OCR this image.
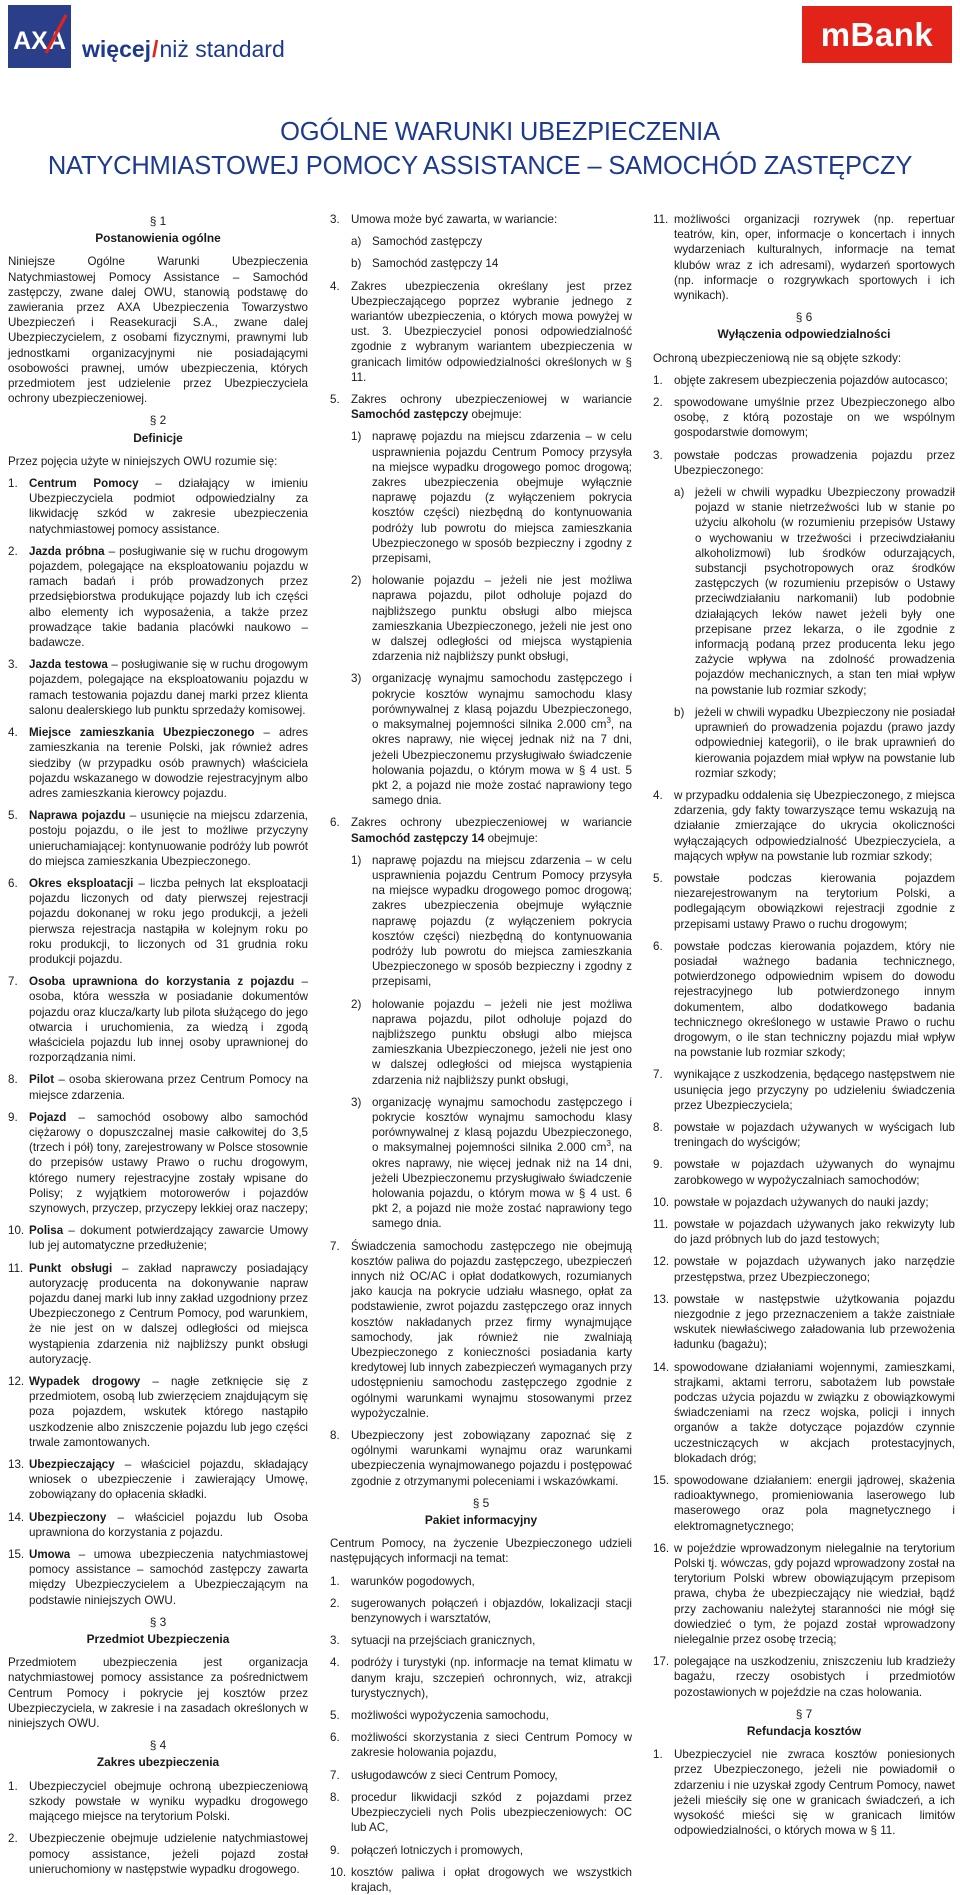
AXA więcej/niż standard	mBank
OGÓLNE WARUNKI UBEZPIECZENIA
NATYCHMIASTOWEJ POMOCY ASSISTANCE – SAMOCHÓD ZASTĘPCZY
§ 1
Postanowienia ogólne

Niniejsze Ogólne Warunki Ubezpieczenia Natychmiastowej Pomocy Assistance – Samochód zastępczy, zwane dalej OWU, stanowią podstawę do zawierania przez AXA Ubezpieczenia Towarzystwo Ubezpieczeń i Reasekuracji S.A., zwane dalej Ubezpieczycielem, z osobami fizycznymi, prawnymi lub jednostkami organizacyjnymi nie posiadającymi osobowości prawnej, umów ubezpieczenia, których przedmiotem jest udzielenie przez Ubezpieczyciela ochrony ubezpieczeniowej.

§ 2
Definicje

Przez pojęcia użyte w niniejszych OWU rozumie się:

1. Centrum Pomocy – działający w imieniu Ubezpieczyciela podmiot odpowiedzialny za likwidację szkód w zakresie ubezpieczenia natychmiastowej pomocy assistance.
2. Jazda próbna – posługiwanie się w ruchu drogowym pojazdem, polegające na eksploatowaniu pojazdu w ramach badań i prób prowadzonych przez przedsiębiorstwa produkujące pojazdy lub ich części albo elementy ich wyposażenia, a także przez prowadzące takie badania placówki naukowo – badawcze.
3. Jazda testowa – posługiwanie się w ruchu drogowym pojazdem, polegające na eksploatowaniu pojazdu w ramach testowania pojazdu danej marki przez klienta salonu dealerskiego lub punktu sprzedaży komisowej.
4. Miejsce zamieszkania Ubezpieczonego – adres zamieszkania na terenie Polski, jak również adres siedziby (w przypadku osób prawnych) właściciela pojazdu wskazanego w dowodzie rejestracyjnym albo adres zamieszkania kierowcy pojazdu.
5. Naprawa pojazdu – usunięcie na miejscu zdarzenia, postoju pojazdu, o ile jest to możliwe przyczyny unieruchamiającej: kontynuowanie podróży lub powrót do miejsca zamieszkania Ubezpieczonego.
6. Okres eksploatacji – liczba pełnych lat eksploatacji pojazdu liczonych od daty pierwszej rejestracji pojazdu dokonanej w roku jego produkcji, a jeżeli pierwsza rejestracja nastąpiła w kolejnym roku po roku produkcji, to liczonych od 31 grudnia roku produkcji pojazdu.
7. Osoba uprawniona do korzystania z pojazdu – osoba, która wesszła w posiadanie dokumentów pojazdu oraz klucza/karty lub pilota służącego do jego otwarcia i uruchomienia, za wiedzą i zgodą właściciela pojazdu lub innej osoby uprawnionej do rozporządzania nimi.
8. Pilot – osoba skierowana przez Centrum Pomocy na miejsce zdarzenia.
9. Pojazd – samochód osobowy albo samochód ciężarowy o dopuszczalnej masie całkowitej do 3,5 (trzech i pół) tony, zarejestrowany w Polsce stosownie do przepisów ustawy Prawo o ruchu drogowym, którego numery rejestracyjne zostały wpisane do Polisy; z wyjątkiem motorowerów i pojazdów szynowych, przyczep, przyczepy lekkiej oraz naczepy;
10. Polisa – dokument potwierdzający zawarcie Umowy lub jej automatyczne przedłużenie;
11. Punkt obsługi – zakład naprawczy posiadający autoryzację producenta na dokonywanie napraw pojazdu danej marki lub inny zakład uzgodniony przez Ubezpieczonego z Centrum Pomocy, pod warunkiem, że nie jest on w dalszej odległości od miejsca wystąpienia zdarzenia niż najbliższy punkt obsługi autoryzację.
12. Wypadek drogowy – nagłe zetknięcie się z przedmiotem, osobą lub zwierzęciem znajdującym się poza pojazdem, wskutek którego nastąpiło uszkodzenie albo zniszczenie pojazdu lub jego części trwale zamontowanych.
13. Ubezpieczający – właściciel pojazdu, składający wniosek o ubezpieczenie i zawierający Umowę, zobowiązany do opłacenia składki.
14. Ubezpieczony – właściciel pojazdu lub Osoba uprawniona do korzystania z pojazdu.
15. Umowa – umowa ubezpieczenia natychmiastowej pomocy assistance – samochód zastępczy zawarta między Ubezpieczycielem a Ubezpieczającym na podstawie niniejszych OWU.
§ 3
Przedmiot Ubezpieczenia

Przedmiotem ubezpieczenia jest organizacja natychmiastowej pomocy assistance za pośrednictwem Centrum Pomocy i pokrycie jej kosztów przez Ubezpieczyciela, w zakresie i na zasadach określonych w niniejszych OWU.

§ 4
Zakres ubezpieczenia
1. Ubezpieczyciel obejmuje ochroną ubezpieczeniową szkody powstałe w wyniku wypadku drogowego mającego miejsce na terytorium Polski.
2. Ubezpieczenie obejmuje udzielenie natychmiastowej pomocy assistance, jeżeli pojazd został unieruchomiony w następstwie wypadku drogowego.
3. Umowa może być zawarta, w wariancie:
a) Samochód zastępczy
b) Samochód zastępczy 14
4. Zakres ubezpieczenia określany jest przez Ubezpieczającego poprzez wybranie jednego z wariantów ubezpieczenia, o których mowa powyżej w ust. 3. Ubezpieczyciel ponosi odpowiedzialność zgodnie z wybranym wariantem ubezpieczenia w granicach limitów odpowiedzialności określonych w § 11.
5. Zakres ochrony ubezpieczeniowej w wariancie Samochód zastępczy obejmuje:
1) naprawę pojazdu na miejscu zdarzenia – w celu usprawnienia pojazdu Centrum Pomocy przysyła na miejsce wypadku drogowego pomoc drogową; zakres ubezpieczenia obejmuje wyłącznie naprawę pojazdu (z wyłączeniem pokrycia kosztów części) niezbędną do kontynuowania podróży lub powrotu do miejsca zamieszkania Ubezpieczonego w sposób bezpieczny i zgodny z przepisami,
2) holowanie pojazdu – jeżeli nie jest możliwa naprawa pojazdu, pilot odholuje pojazd do najbliższego punktu obsługi albo miejsca zamieszkania Ubezpieczonego, jeżeli nie jest ono w dalszej odległości od miejsca wystąpienia zdarzenia niż najbliższy punkt obsługi,
3) organizację wynajmu samochodu zastępczego i pokrycie kosztów wynajmu samochodu klasy porównywalnej z klasą pojazdu Ubezpieczonego, o maksymalnej pojemności silnika 2.000 $cm^3$, na okres naprawy, nie więcej jednak niż na 7 dni, jeżeli Ubezpieczonemu przysługiwało świadczenie holowania pojazdu, o którym mowa w § 4 ust. 5 pkt 2, a pojazd nie może zostać naprawiony tego samego dnia.
6. Zakres ochrony ubezpieczeniowej w wariancie Samochód zastępczy 14 obejmuje:
1) naprawę pojazdu na miejscu zdarzenia – w celu usprawnienia pojazdu Centrum Pomocy przysyła na miejsce wypadku drogowego pomoc drogową; zakres ubezpieczenia obejmuje wyłącznie naprawę pojazdu (z wyłączeniem pokrycia kosztów części) niezbędną do kontynuowania podróży lub powrotu do miejsca zamieszkania Ubezpieczonego w sposób bezpieczny i zgodny z przepisami,
2) holowanie pojazdu – jeżeli nie jest możliwa naprawa pojazdu, pilot odholuje pojazd do najbliższego punktu obsługi albo miejsca zamieszkania Ubezpieczonego, jeżeli nie jest ono w dalszej odległości od miejsca wystąpienia zdarzenia niż najbliższy punkt obsługi,
3) organizację wynajmu samochodu zastępczego i pokrycie kosztów wynajmu samochodu klasy porównywalnej z klasą pojazdu Ubezpieczonego, o maksymalnej pojemności silnika 2.000 $cm^3$, na okres naprawy, nie więcej jednak niż na 14 dni, jeżeli Ubezpieczonemu przysługiwało świadczenie holowania pojazdu, o którym mowa w § 4 ust. 6 pkt 2, a pojazd nie może zostać naprawiony tego samego dnia.
7. Świadczenia samochodu zastępczego nie obejmują kosztów paliwa do pojazdu zastępczego, ubezpieczeń innych niż OC/AC i opłat dodatkowych, rozumianych jako kaucja na pokrycie udziału własnego, opłat za podstawienie, zwrot pojazdu zastępczego oraz innych kosztów nakładanych przez firmy wynajmujące samochody, jak również nie zwalniają Ubezpieczonego z konieczności posiadania karty kredytowej lub innych zabezpieczeń wymaganych przy udostępnieniu samochodu zastępczego zgodnie z ogólnymi warunkami wynajmu stosowanymi przez wypożyczalnie.
8. Ubezpieczony jest zobowiązany zapoznać się z ogólnymi warunkami wynajmu oraz warunkami ubezpieczenia wynajmowanego pojazdu i postępować zgodnie z otrzymanymi poleceniami i wskazówkami.
§ 5
Pakiet informacyjny

Centrum Pomocy, na życzenie Ubezpieczonego udzieli następujących informacji na temat:

1. warunków pogodowych,
2. sugerowanych połączeń i objazdów, lokalizacji stacji benzynowych i warsztatów,
3. sytuacji na przejściach granicznych,
4. podróży i turystyki (np. informacje na temat klimatu w danym kraju, szczepień ochronnych, wiz, atrakcji turystycznych),
5. możliwości wypożyczenia samochodu,
6. możliwości skorzystania z sieci Centrum Pomocy w zakresie holowania pojazdu,
7. usługodawców z sieci Centrum Pomocy,
8. procedur likwidacji szkód z pojazdami przez Ubezpieczycieli nych Polis ubezpieczeniowych: OC lub AC,
9. połączeń lotniczych i promowych,
10. kosztów paliwa i opłat drogowych we wszystkich krajach,
11. możliwości organizacji rozrywek (np. repertuar teatrów, kin, oper, informacje o koncertach i innych wydarzeniach kulturalnych, informacje na temat klubów wraz z ich adresami), wydarzeń sportowych (np. informacje o rozgrywkach sportowych i ich wynikach).
§ 6
Wyłączenia odpowiedzialności

Ochroną ubezpieczeniową nie są objęte szkody:

1. objęte zakresem ubezpieczenia pojazdów autocasco;
2. spowodowane umyślnie przez Ubezpieczonego albo osobę, z którą pozostaje on we wspólnym gospodarstwie domowym;
3. powstałe podczas prowadzenia pojazdu przez Ubezpieczonego:
a) jeżeli w chwili wypadku Ubezpieczony prowadził pojazd w stanie nietrzeźwości lub w stanie po użyciu alkoholu (w rozumieniu przepisów Ustawy o wychowaniu w trzeźwości i przeciwdziałaniu alkoholizmowi) lub środków odurzających, substancji psychotropowych oraz środków zastępczych (w rozumieniu przepisów o Ustawy przeciwdziałaniu narkomanii) lub podobnie działających leków nawet jeżeli były one przepisane przez lekarza, o ile zgodnie z informacją podaną przez producenta leku jego zażycie wpływa na zdolność prowadzenia pojazdów mechanicznych, a stan ten miał wpływ na powstanie lub rozmiar szkody;
b) jeżeli w chwili wypadku Ubezpieczony nie posiadał uprawnień do prowadzenia pojazdu (prawo jazdy odpowiedniej kategorii), o ile brak uprawnień do kierowania pojazdem miał wpływ na powstanie lub rozmiar szkody;
4. w przypadku oddalenia się Ubezpieczonego, z miejsca zdarzenia, gdy fakty towarzyszące temu wskazują na działanie zmierzające do ukrycia okoliczności wyłączających odpowiedzialność Ubezpieczyciela, a mających wpływ na powstanie lub rozmiar szkody;
5. powstałe podczas kierowania pojazdem niezarejestrowanym na terytorium Polski, a podlegającym obowiązkowi rejestracji zgodnie z przepisami ustawy Prawo o ruchu drogowym;
6. powstałe podczas kierowania pojazdem, który nie posiadał ważnego badania technicznego, potwierdzonego odpowiednim wpisem do dowodu rejestracyjnego lub potwierdzonego innym dokumentem, albo dodatkowego badania technicznego określonego w ustawie Prawo o ruchu drogowym, o ile stan techniczny pojazdu miał wpływ na powstanie lub rozmiar szkody;
7. wynikające z uszkodzenia, będącego następstwem nie usunięcia jego przyczyny po udzieleniu świadczenia przez Ubezpieczyciela;
8. powstałe w pojazdach używanych w wyścigach lub treningach do wyścigów;
9. powstałe w pojazdach używanych do wynajmu zarobkowego w wypożyczalniach samochodów;
10. powstałe w pojazdach używanych do nauki jazdy;
11. powstałe w pojazdach używanych jako rekwizyty lub do jazd próbnych lub do jazd testowych;
12. powstałe w pojazdach używanych jako narzędzie przestępstwa, przez Ubezpieczonego;
13. powstałe w następstwie użytkowania pojazdu niezgodnie z jego przeznaczeniem a także zaistniałe wskutek niewłaściwego załadowania lub przewożenia ładunku (bagażu);
14. spowodowane działaniami wojennymi, zamieszkami, strajkami, aktami terroru, sabotażem lub powstałe podczas użycia pojazdu w związku z obowiązkowymi świadczeniami na rzecz wojska, policji i innych organów a także dotyczące pojazdów czynnie uczestniczących w akcjach protestacyjnych, blokadach dróg;
15. spowodowane działaniem: energii jądrowej, skażenia radioaktywnego, promieniowania laserowego lub maserowego oraz pola magnetycznego i elektromagnetycznego;
16. w pojeździe wprowadzonym nielegalnie na terytorium Polski tj. wówczas, gdy pojazd wprowadzony został na terytorium Polski wbrew obowiązującym przepisom prawa, chyba że ubezpieczający nie wiedział, bądź przy zachowaniu należytej staranności nie mógł się dowiedzieć o tym, że pojazd został wprowadzony nielegalnie przez osobę trzecią;
17. polegające na uszkodzeniu, zniszczeniu lub kradzieży bagażu, rzeczy osobistych i przedmiotów pozostawionych w pojeździe na czas holowania.
§ 7
Refundacja kosztów
1. Ubezpieczyciel nie zwraca kosztów poniesionych przez Ubezpieczonego, jeżeli nie powiadomił o zdarzeniu i nie uzyskał zgody Centrum Pomocy, nawet jeżeli mieściły się one w granicach świadczeń, a ich wysokość mieści się w granicach limitów odpowiedzialności, o których mowa w § 11.
